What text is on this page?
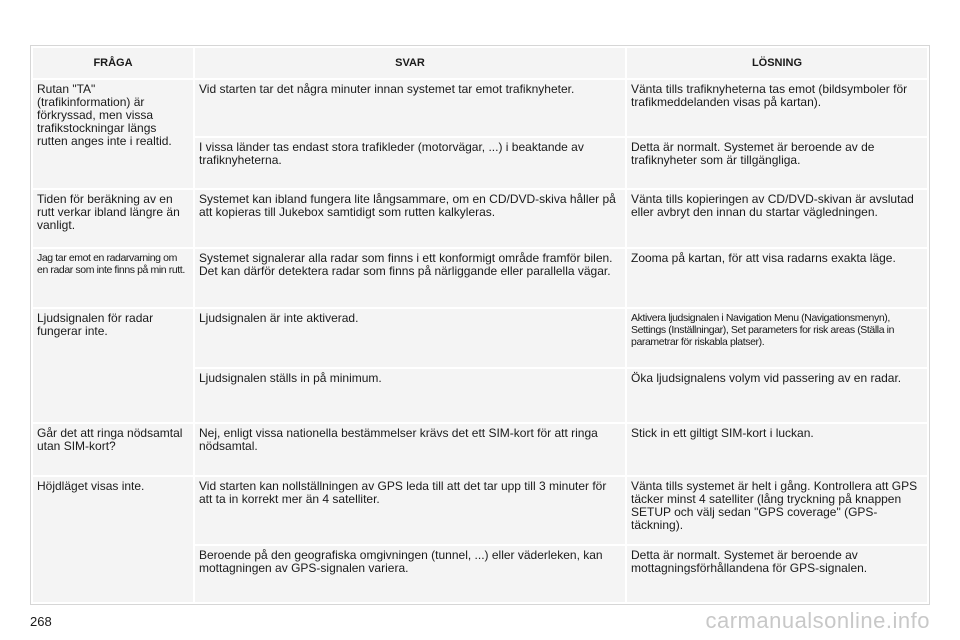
FRÅGA	SVAR	LÖSNING
Rutan "TA" (trafikinformation) är förkryssad, men vissa trafikstockningar längs rutten anges inte i realtid.	Vid starten tar det några minuter innan systemet tar emot trafiknyheter.	Vänta tills trafiknyheterna tas emot (bildsymboler för trafikmeddelanden visas på kartan).
	I vissa länder tas endast stora trafikleder (motorvägar, ...) i beaktande av trafiknyheterna.	Detta är normalt. Systemet är beroende av de trafiknyheter som är tillgängliga.
Tiden för beräkning av en rutt verkar ibland längre än vanligt.	Systemet kan ibland fungera lite långsammare, om en CD/DVD-skiva håller på att kopieras till Jukebox samtidigt som rutten kalkyleras.	Vänta tills kopieringen av CD/DVD-skivan är avslutad eller avbryt den innan du startar vägledningen.
Jag tar emot en radarvarning om en radar som inte finns på min rutt.	Systemet signalerar alla radar som finns i ett konformigt område framför bilen. Det kan därför detektera radar som finns på närliggande eller parallella vägar.	Zooma på kartan, för att visa radarns exakta läge.
Ljudsignalen för radar fungerar inte.	Ljudsignalen är inte aktiverad.	Aktivera ljudsignalen i Navigation Menu (Navigationsmenyn), Settings (Inställningar), Set parameters for risk areas (Ställa in parametrar för riskabla platser).
	Ljudsignalen ställs in på minimum.	Öka ljudsignalens volym vid passering av en radar.
Går det att ringa nödsamtal utan SIM-kort?	Nej, enligt vissa nationella bestämmelser krävs det ett SIM-kort för att ringa nödsamtal.	Stick in ett giltigt SIM-kort i luckan.
Höjdläget visas inte.	Vid starten kan nollställningen av GPS leda till att det tar upp till 3 minuter för att ta in korrekt mer än 4 satelliter.	Vänta tills systemet är helt i gång. Kontrollera att GPS täcker minst 4 satelliter (lång tryckning på knappen SETUP och välj sedan "GPS coverage" (GPS-täckning).
	Beroende på den geografiska omgivningen (tunnel, ...) eller väderleken, kan mottagningen av GPS-signalen variera.	Detta är normalt. Systemet är beroende av mottagningsförhållandena för GPS-signalen.
268	carmanualsonline.info
